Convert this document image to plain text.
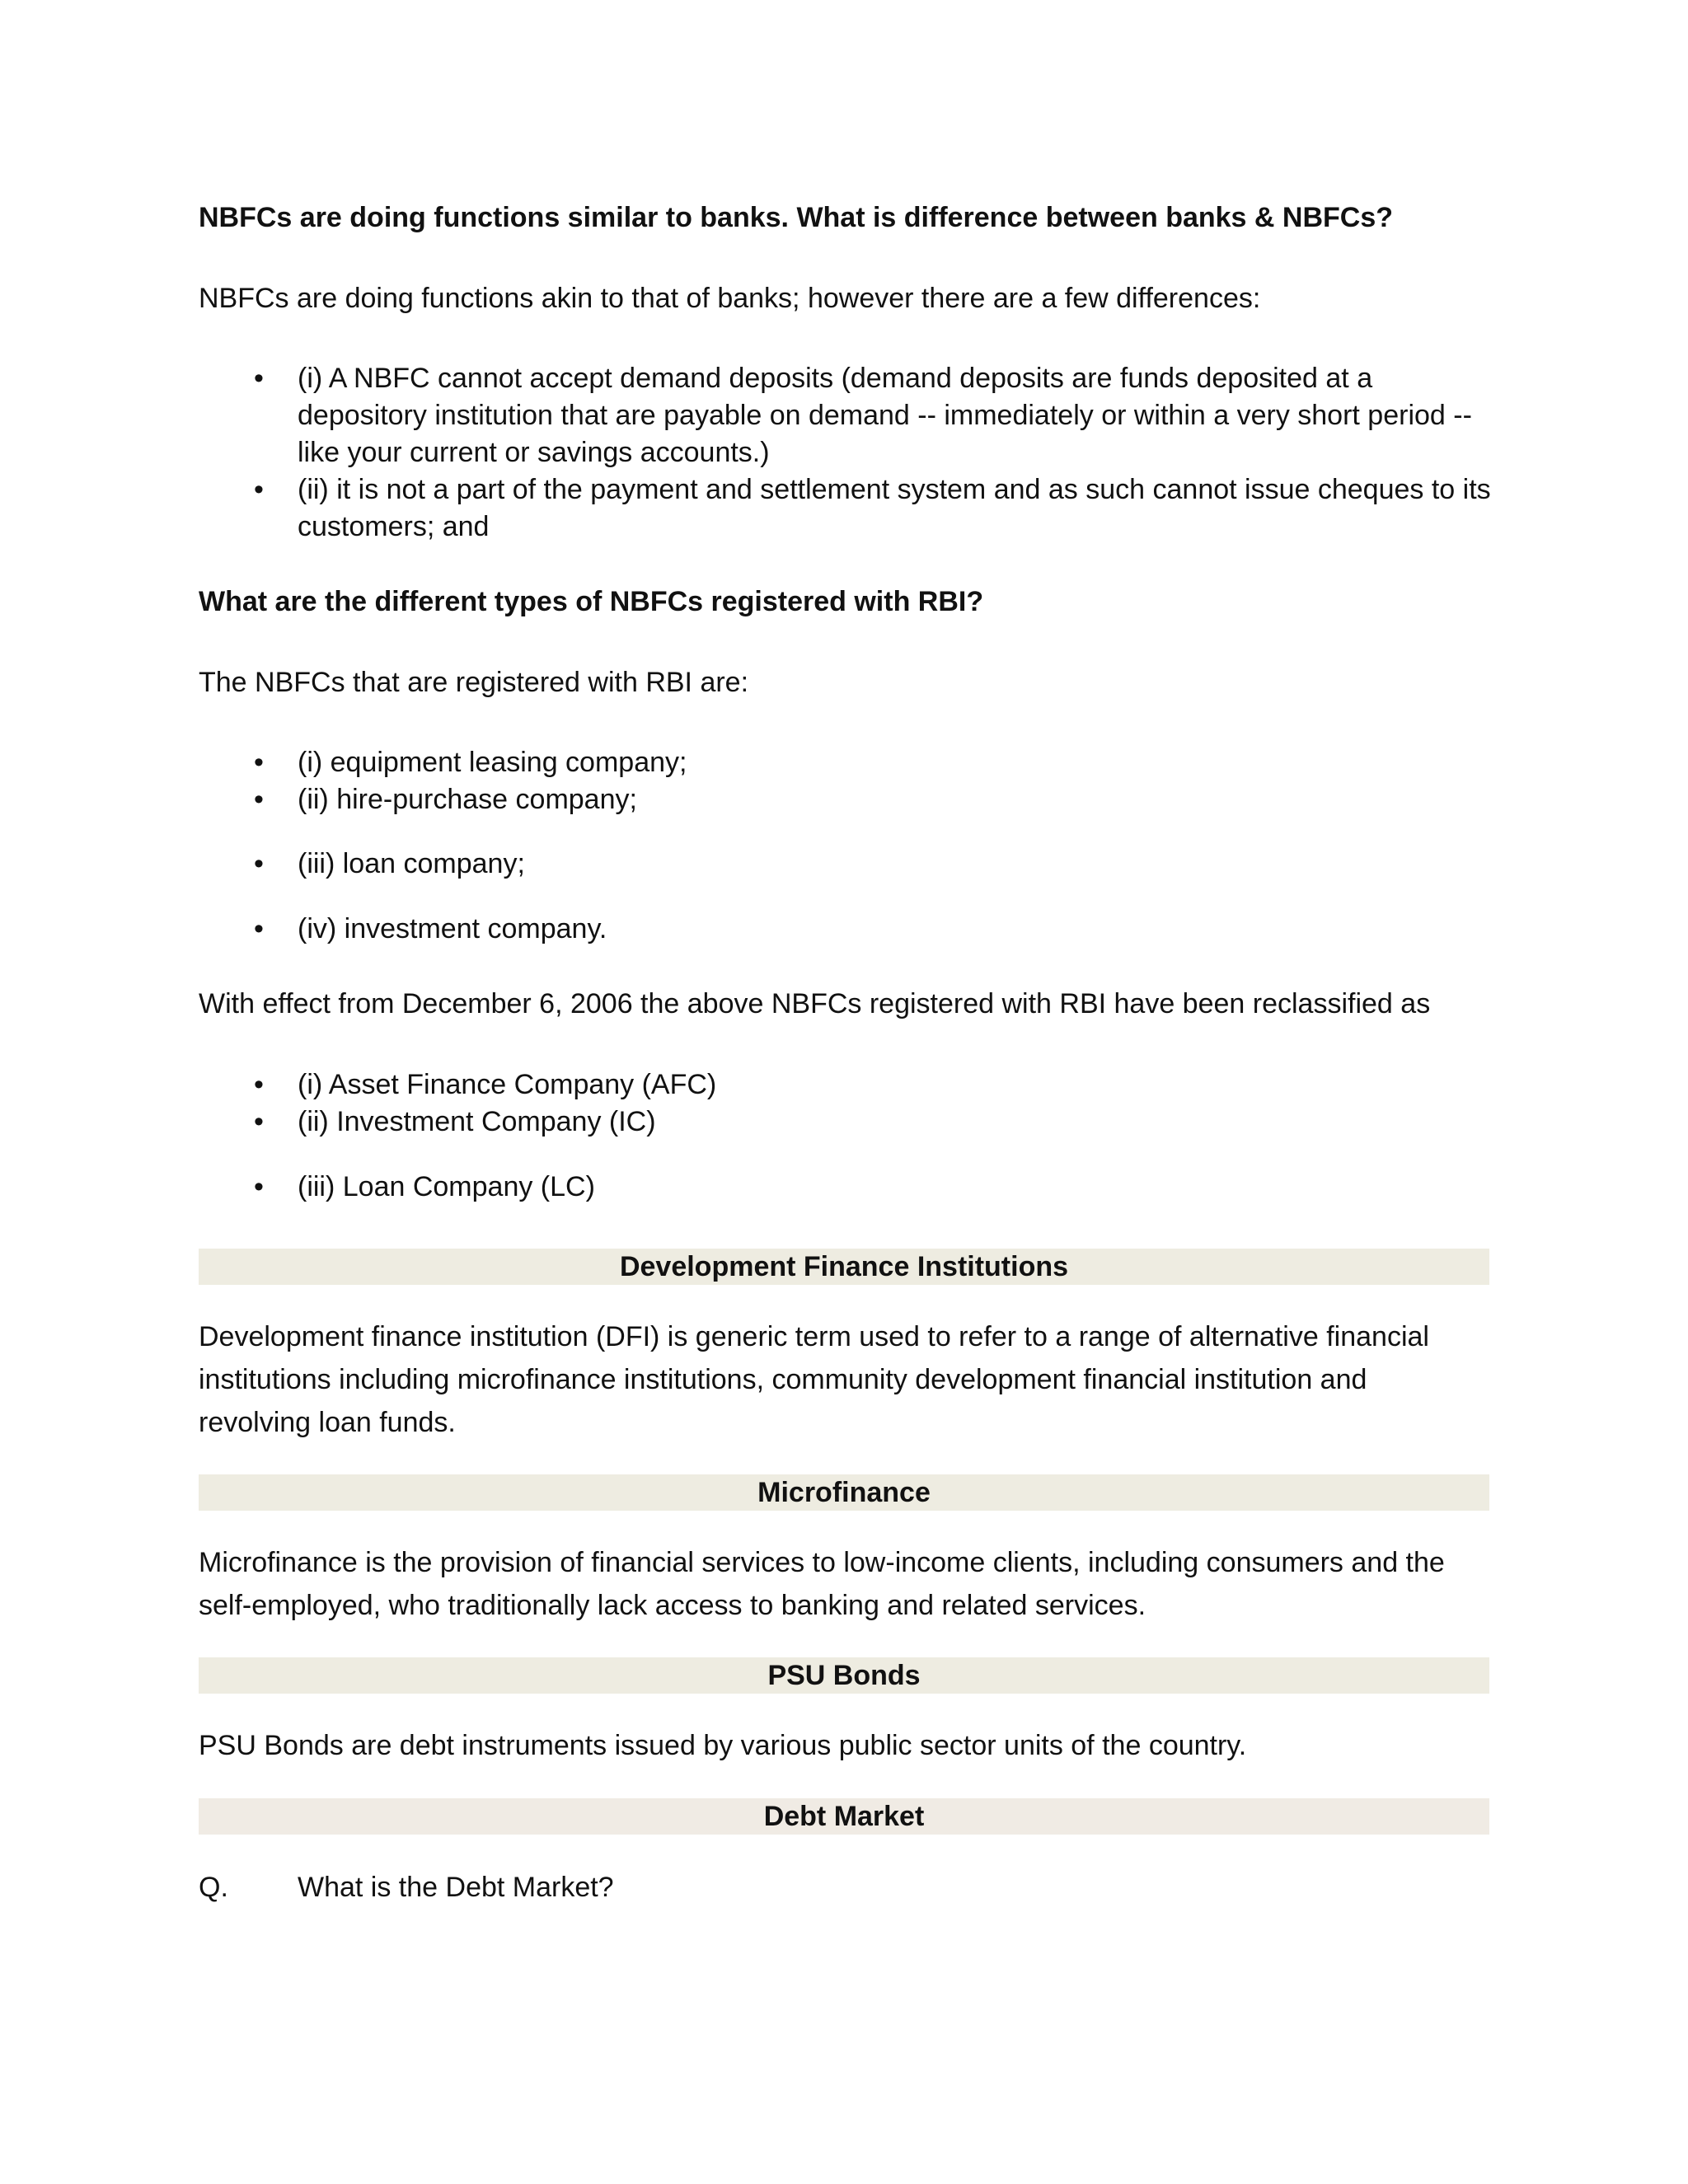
NBFCs are doing functions similar to banks. What is difference between banks & NBFCs?
NBFCs are doing functions akin to that of banks; however there are a few differences:
• (i) A NBFC cannot accept demand deposits (demand deposits are funds deposited at a
depository institution that are payable on demand -- immediately or within a very short period --
like your current or savings accounts.)
• (ii) it is not a part of the payment and settlement system and as such cannot issue cheques to its
customers; and
What are the different types of NBFCs registered with RBI?
The NBFCs that are registered with RBI are:
• (i) equipment leasing company;
• (ii) hire-purchase company;
• (iii) loan company;
• (iv) investment company.
With effect from December 6, 2006 the above NBFCs registered with RBI have been reclassified as
• (i) Asset Finance Company (AFC)
• (ii) Investment Company (IC)
• (iii) Loan Company (LC)
Development Finance Institutions
Development finance institution (DFI) is generic term used to refer to a range of alternative financial
institutions including microfinance institutions, community development financial institution and
revolving loan funds.
Microfinance
Microfinance is the provision of financial services to low-income clients, including consumers and the
self-employed, who traditionally lack access to banking and related services.
PSU Bonds
PSU Bonds are debt instruments issued by various public sector units of the country.
Debt Market
Q. What is the Debt Market?
